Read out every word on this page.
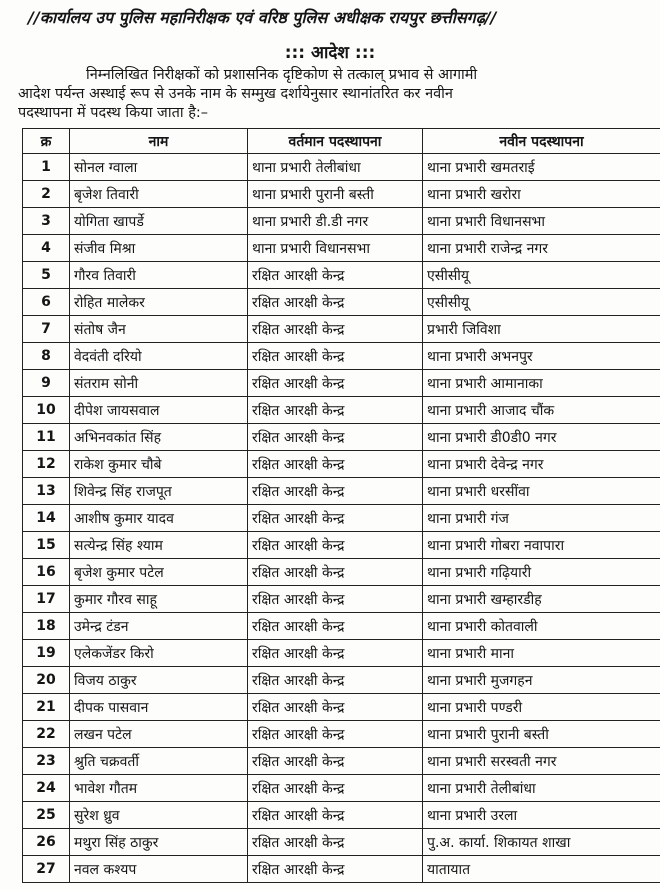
//कार्यालय उप पुलिस महानिरीक्षक एवं वरिष्ठ पुलिस अधीक्षक रायपुर छत्तीसगढ़//
::: आदेश :::
निम्नलिखित निरीक्षकों को प्रशासनिक दृष्टिकोण से तत्काल् प्रभाव से आगामी
आदेश पर्यन्त अस्थाई रूप से उनके नाम के सम्मुख दर्शायेनुसार स्थानांतरित कर नवीन
पदस्थापना में पदस्थ किया जाता है:–
क्र	नाम	वर्तमान पदस्थापना	नवीन पदस्थापना
1	सोनल ग्वाला	थाना प्रभारी तेलीबांधा	थाना प्रभारी खमतराई
2	बृजेश तिवारी	थाना प्रभारी पुरानी बस्ती	थाना प्रभारी खरोरा
3	योगिता खापर्डे	थाना प्रभारी डी.डी नगर	थाना प्रभारी विधानसभा
4	संजीव मिश्रा	थाना प्रभारी विधानसभा	थाना प्रभारी राजेन्द्र नगर
5	गौरव तिवारी	रक्षित आरक्षी केन्द्र	एसीसीयू
6	रोहित मालेकर	रक्षित आरक्षी केन्द्र	एसीसीयू
7	संतोष जैन	रक्षित आरक्षी केन्द्र	प्रभारी जिविशा
8	वेदवंती दरियो	रक्षित आरक्षी केन्द्र	थाना प्रभारी अभनपुर
9	संतराम सोनी	रक्षित आरक्षी केन्द्र	थाना प्रभारी आमानाका
10	दीपेश जायसवाल	रक्षित आरक्षी केन्द्र	थाना प्रभारी आजाद चौंक
11	अभिनवकांत सिंह	रक्षित आरक्षी केन्द्र	थाना प्रभारी डी0डी0 नगर
12	राकेश कुमार चौबे	रक्षित आरक्षी केन्द्र	थाना प्रभारी देवेन्द्र नगर
13	शिवेन्द्र सिंह राजपूत	रक्षित आरक्षी केन्द्र	थाना प्रभारी धरसींवा
14	आशीष कुमार यादव	रक्षित आरक्षी केन्द्र	थाना प्रभारी गंज
15	सत्येन्द्र सिंह श्याम	रक्षित आरक्षी केन्द्र	थाना प्रभारी गोबरा नवापारा
16	बृजेश कुमार पटेल	रक्षित आरक्षी केन्द्र	थाना प्रभारी गढ़ियारी
17	कुमार गौरव साहू	रक्षित आरक्षी केन्द्र	थाना प्रभारी खम्हारडीह
18	उमेन्द्र टंडन	रक्षित आरक्षी केन्द्र	थाना प्रभारी कोतवाली
19	एलेकजेंडर किरो	रक्षित आरक्षी केन्द्र	थाना प्रभारी माना
20	विजय ठाकुर	रक्षित आरक्षी केन्द्र	थाना प्रभारी मुजगहन
21	दीपक पासवान	रक्षित आरक्षी केन्द्र	थाना प्रभारी पण्डरी
22	लखन पटेल	रक्षित आरक्षी केन्द्र	थाना प्रभारी पुरानी बस्ती
23	श्रुति चक्रवर्ती	रक्षित आरक्षी केन्द्र	थाना प्रभारी सरस्वती नगर
24	भावेश गौतम	रक्षित आरक्षी केन्द्र	थाना प्रभारी तेलीबांधा
25	सुरेश ध्रुव	रक्षित आरक्षी केन्द्र	थाना प्रभारी उरला
26	मथुरा सिंह ठाकुर	रक्षित आरक्षी केन्द्र	पु.अ. कार्या. शिकायत शाखा
27	नवल कश्यप	रक्षित आरक्षी केन्द्र	यातायात
